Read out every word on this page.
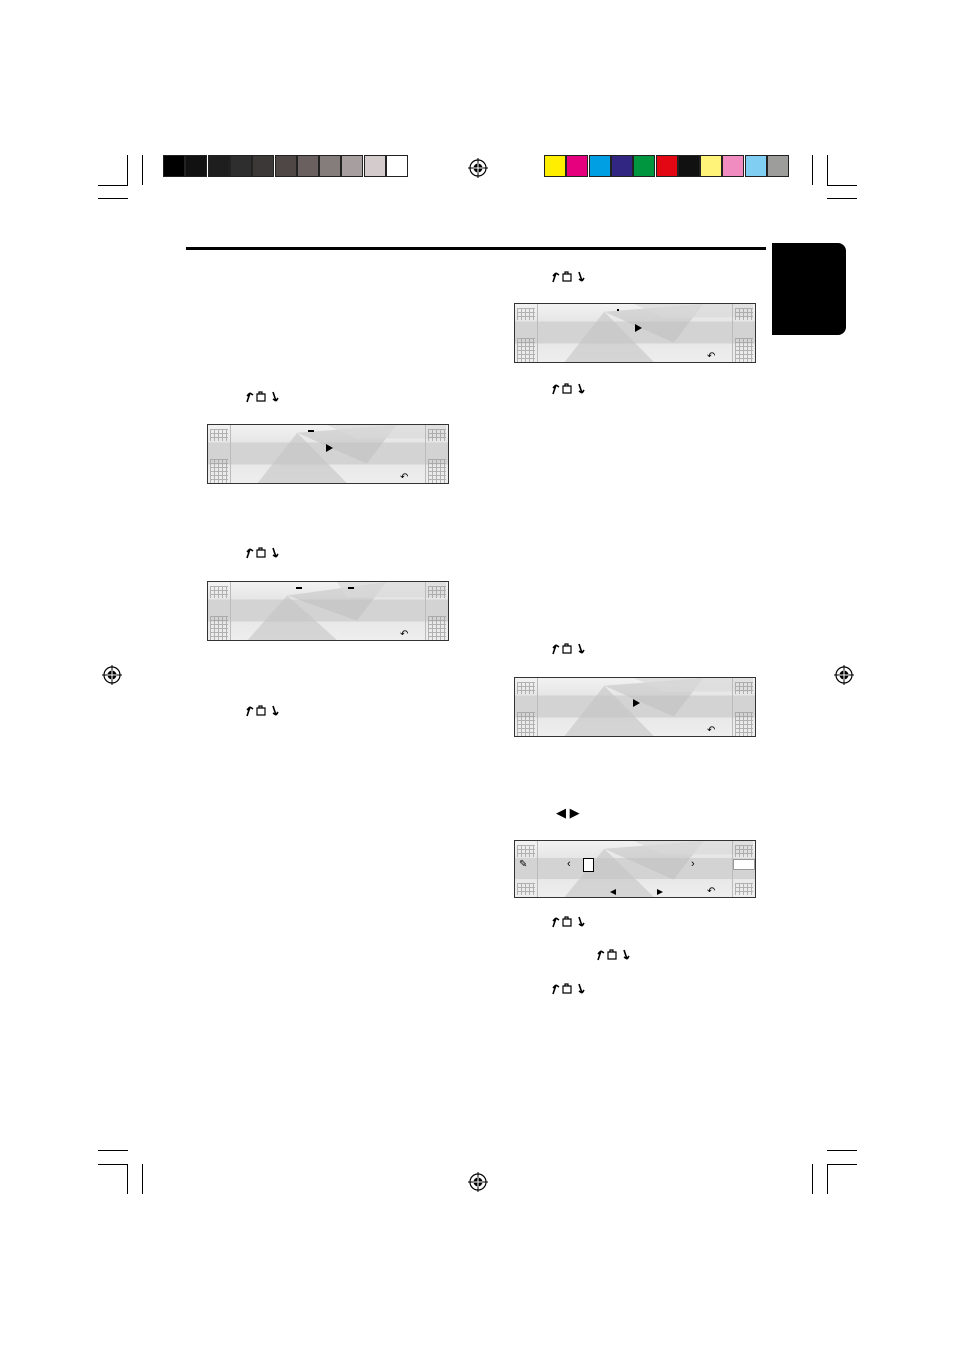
◀ ▶
↶
↶
↶
↶
✎	‹	›
↶
